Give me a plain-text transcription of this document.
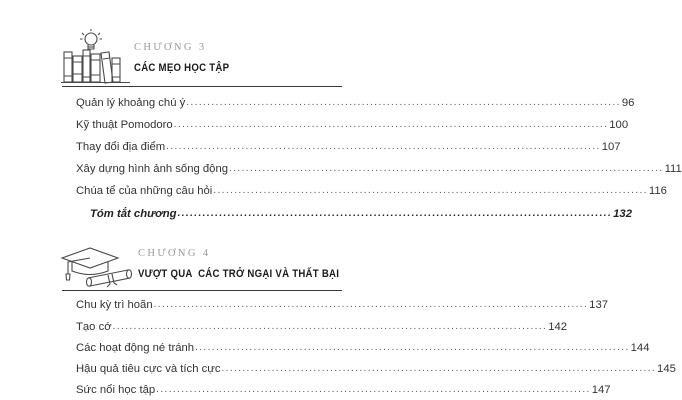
CHƯƠNG 3
CÁC MẸO HỌC TẬP
Quản lý khoảng chú ý ........................................................................................................ 96
Kỹ thuật Pomodoro ........................................................................................................ 100
Thay đổi địa điểm ........................................................................................................ 107
Xây dựng hình ảnh sống động ........................................................................................................ 111
Chúa tể của những câu hỏi ........................................................................................................ 116
Tóm tắt chương ........................................................................................................ 132
CHƯƠNG 4
VƯỢT QUA  CÁC TRỞ NGẠI VÀ THẤT BẠI
Chu kỳ trì hoãn ........................................................................................................ 137
Tạo cớ ........................................................................................................ 142
Các hoạt động né tránh ........................................................................................................ 144
Hậu quả tiêu cực và tích cực ........................................................................................................ 145
Sức nổi học tập ........................................................................................................ 147
